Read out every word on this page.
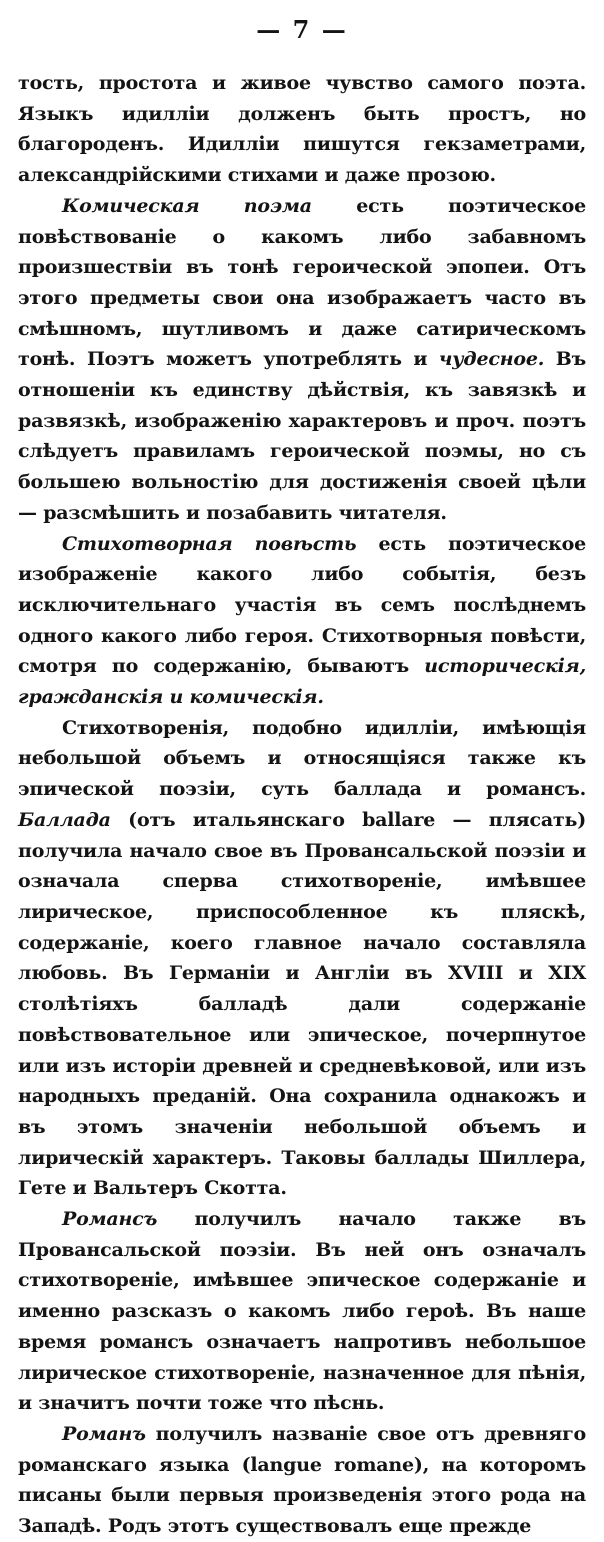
— 7 —

тость, простота и живое чувство самого поэта. Языкъ идилліи долженъ быть простъ, но благороденъ. Идилліи пишутся гекзаметрами, александрійскими стихами и даже прозою.

Комическая поэма есть поэтическое повѣствованіе о какомъ либо забавномъ произшествіи въ тонѣ героической эпопеи. Отъ этого предметы свои она изображаетъ часто въ смѣшномъ, шутливомъ и даже сатирическомъ тонѣ. Поэтъ можетъ употреблять и чудесное. Въ отношеніи къ единству дѣйствія, къ завязкѣ и развязкѣ, изображенію характеровъ и проч. поэтъ слѣдуетъ правиламъ героической поэмы, но съ большею вольностію для достиженія своей цѣли — разсмѣшить и позабавить читателя.

Стихотворная повѣсть есть поэтическое изображеніе какого либо событія, безъ исключительнаго участія въ семъ послѣднемъ одного какого либо героя. Стихотворныя повѣсти, смотря по содержанію, бываютъ историческія, гражданскія и комическія.

Стихотворенія, подобно идилліи, имѣющія небольшой объемъ и относящіяся также къ эпической поэзіи, суть баллада и романсъ. Баллада (отъ итальянскаго ballare — плясать) получила начало свое въ Провансальской поэзіи и означала сперва стихотвореніе, имѣвшее лирическое, приспособленное къ пляскѣ, содержаніе, коего главное начало составляла любовь. Въ Германіи и Англіи въ XVIII и XIX столѣтіяхъ балладѣ дали содержаніе повѣствовательное или эпическое, почерпнутое или изъ исторіи древней и средневѣковой, или изъ народныхъ преданій. Она сохранила однакожъ и въ этомъ значеніи небольшой объемъ и лирическій характеръ. Таковы баллады Шиллера, Гете и Вальтеръ Скотта.

Романсъ получилъ начало также въ Провансальской поэзіи. Въ ней онъ означалъ стихотвореніе, имѣвшее эпическое содержаніе и именно разсказъ о какомъ либо героѣ. Въ наше время романсъ означаетъ напротивъ небольшое лирическое стихотвореніе, назначенное для пѣнія, и значитъ почти тоже что пѣснь.

Романъ получилъ названіе свое отъ древняго романскаго языка (langue romane), на которомъ писаны были первыя произведенія этого рода на Западѣ. Родъ этотъ существовалъ еще прежде
